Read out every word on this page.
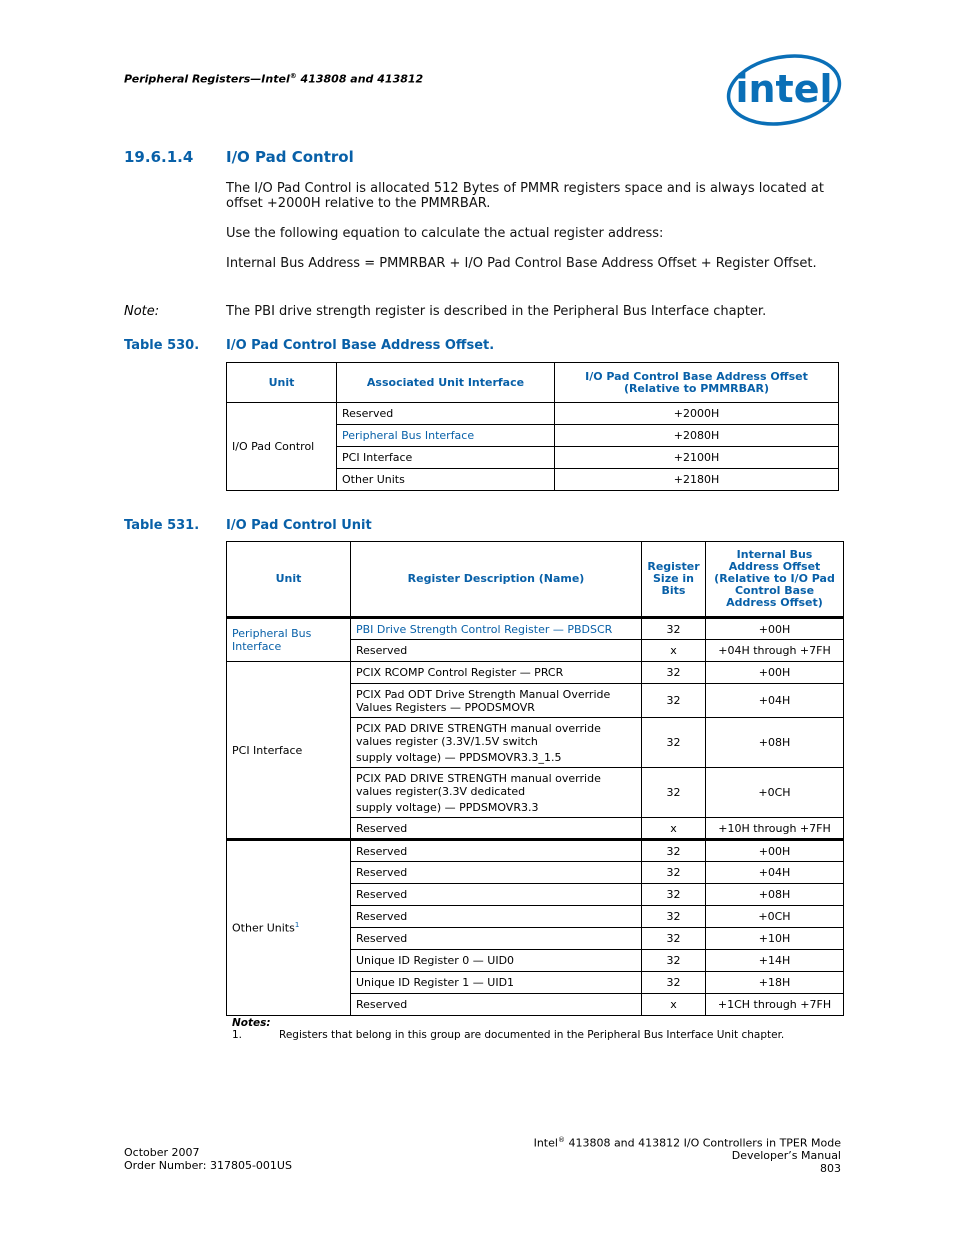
Peripheral Registers—Intel® 413808 and 413812	intel
19.6.1.4 I/O Pad Control
The I/O Pad Control is allocated 512 Bytes of PMMR registers space and is always located at offset +2000H relative to the PMMRBAR.
Use the following equation to calculate the actual register address:
Internal Bus Address = PMMRBAR + I/O Pad Control Base Address Offset + Register Offset.
Note:	The PBI drive strength register is described in the Peripheral Bus Interface chapter.
Table 530. I/O Pad Control Base Address Offset.
Unit	Associated Unit Interface	I/O Pad Control Base Address Offset (Relative to PMMRBAR)
I/O Pad Control	Reserved	+2000H
	Peripheral Bus Interface	+2080H
	PCI Interface	+2100H
	Other Units	+2180H
Table 531. I/O Pad Control Unit
Unit	Register Description (Name)	Register Size in Bits	Internal Bus Address Offset (Relative to I/O Pad Control Base Address Offset)
Peripheral Bus Interface	PBI Drive Strength Control Register — PBDSCR	32	+00H
	Reserved	x	+04H through +7FH
PCI Interface	PCIX RCOMP Control Register — PRCR	32	+00H
	PCIX Pad ODT Drive Strength Manual Override Values Registers — PPODSMOVR	32	+04H

	PCIX PAD DRIVE STRENGTH manual override values register (3.3V/1.5V switch
supply voltage) — PPDSMOVR3.3_1.5	32	+08H

	PCIX PAD DRIVE STRENGTH manual override values register(3.3V dedicated
supply voltage) — PPDSMOVR3.3	32	+0CH
	Reserved	x	+10H through +7FH
Other Units$^1$	Reserved	32	+00H
	Reserved	32	+04H
	Reserved	32	+08H
	Reserved	32	+0CH
	Reserved	32	+10H
	Unique ID Register 0 — UID0	32	+14H
	Unique ID Register 1 — UID1	32	+18H
	Reserved	x	+1CH through +7FH
Notes:
1.	Registers that belong in this group are documented in the Peripheral Bus Interface Unit chapter.
October 2007
Order Number: 317805-001US
Intel® 413808 and 413812 I/O Controllers in TPER Mode
Developer’s Manual
803
